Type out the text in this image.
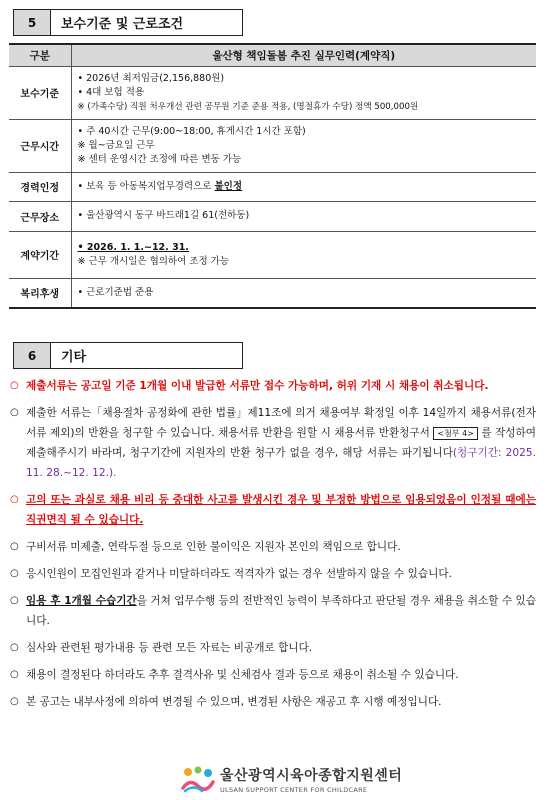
5	보수기준 및 근로조건
구분	울산형 책임돌봄 추진 실무인력(계약직)
보수기준	• 2026년 최저임금(2,156,880원)
• 4대 보험 적용
※ (가족수당) 직원 처우개선 관련 공무원 기준 준용 적용, (명절휴가 수당) 정액 500,000원

근무시간	• 주 40시간 근무(9:00~18:00, 휴게시간 1시간 포함)
※ 월~금요일 근무
※ 센터 운영시간 조정에 따른 변동 가능

경력인정	• 보육 등 아동복지업무경력으로 불인정
근무장소	• 울산광역시 동구 바드래1길 61(전하동)

계약기간	• 2026. 1. 1.~12. 31.
※ 근무 개시일은 협의하여 조정 가능

복리후생	• 근로기준법 준용
6	기타
○ 제출서류는 공고일 기준 1개월 이내 발급한 서류만 접수 가능하며, 허위 기재 시 채용이 취소됩니다.
○ 제출한 서류는「채용절차 공정화에 관한 법률」제11조에 의거 채용여부 확정일 이후 14일까지 채용서류(전자서류 제외)의 반환을 청구할 수 있습니다. 채용서류 반환을 원할 시 채용서류 반환청구서 <첨부 4> 를 작성하여 제출해주시기 바라며, 청구기간에 지원자의 반환 청구가 없을 경우, 해당 서류는 파기됩니다(청구기간: 2025. 11. 28.~12. 12.).
○ 고의 또는 과실로 채용 비리 등 중대한 사고를 발생시킨 경우 및 부정한 방법으로 임용되었음이 인정될 때에는 직권면직 될 수 있습니다.
○ 구비서류 미제출, 연락두절 등으로 인한 불이익은 지원자 본인의 책임으로 합니다.
○ 응시인원이 모집인원과 같거나 미달하더라도 적격자가 없는 경우 선발하지 않을 수 있습니다.
○ 임용 후 1개월 수습기간을 거쳐 업무수행 등의 전반적인 능력이 부족하다고 판단될 경우 채용을 취소할 수 있습니다.
○ 심사와 관련된 평가내용 등 관련 모든 자료는 비공개로 합니다.
○ 채용이 결정된다 하더라도 추후 결격사유 및 신체검사 결과 등으로 채용이 취소될 수 있습니다.
○ 본 공고는 내부사정에 의하여 변경될 수 있으며, 변경된 사항은 재공고 후 시행 예정입니다.
울산광역시육아종합지원센터
ULSAN SUPPORT CENTER FOR CHILDCARE
